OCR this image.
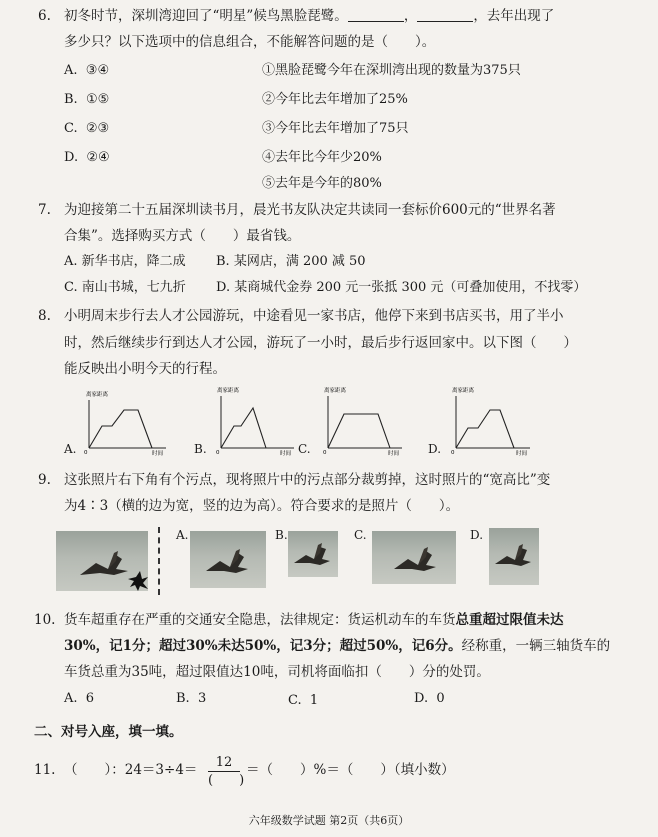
6. 初冬时节，深圳湾迎回了“明星”候鸟黑脸琵鹭。	，	，去年出现了
多少只？以下选项中的信息组合，不能解答问题的是（　　）。
A. ③④
B. ①⑤
C. ②③
D. ②④
①黑脸琵鹭今年在深圳湾出现的数量为375只
②今年比去年增加了25%
③今年比去年增加了75只
④去年比今年少20%
⑤去年是今年的80%
7. 为迎接第二十五届深圳读书月，晨光书友队决定共读同一套标价600元的“世界名著
合集”。选择购买方式（　　）最省钱。
A. 新华书店，降二成 B. 某网店，满 200 减 50
C. 南山书城，七九折 D. 某商城代金券 200 元一张抵 300 元（可叠加使用，不找零）
8. 小明周末步行去人才公园游玩，中途看见一家书店，他停下来到书店买书，用了半小
时，然后继续步行到达人才公园，游玩了一小时，最后步行返回家中。以下图（　　）
能反映出小明今天的行程。
A.
离家距离
0	时间	B.
离家距离
0	时间 C.
离家距离
0	时间 D.
离家距离
0	时间
9. 这张照片右下角有个污点，现将照片中的污点部分裁剪掉，这时照片的“宽高比”变
为4∶3（横的边为宽，竖的边为高）。符合要求的是照片（　　）。
A.	B.	C.	D.
10. 货车超重存在严重的交通安全隐患，法律规定：货运机动车的车货总重超过限值未达
30%，记1分；超过30%未达50%，记3分；超过50%，记6分。经称重，一辆三轴货车的
车货总重为35吨，超过限值达10吨，司机将面临扣（　　）分的处罚。
A. 6	B. 3	C. 1	D. 0
二、对号入座，填一填。
11. （　　）：24＝3÷4＝	12
(　　)
＝（　　）%＝（　　）（填小数）
六年级数学试题 第2页（共6页）
